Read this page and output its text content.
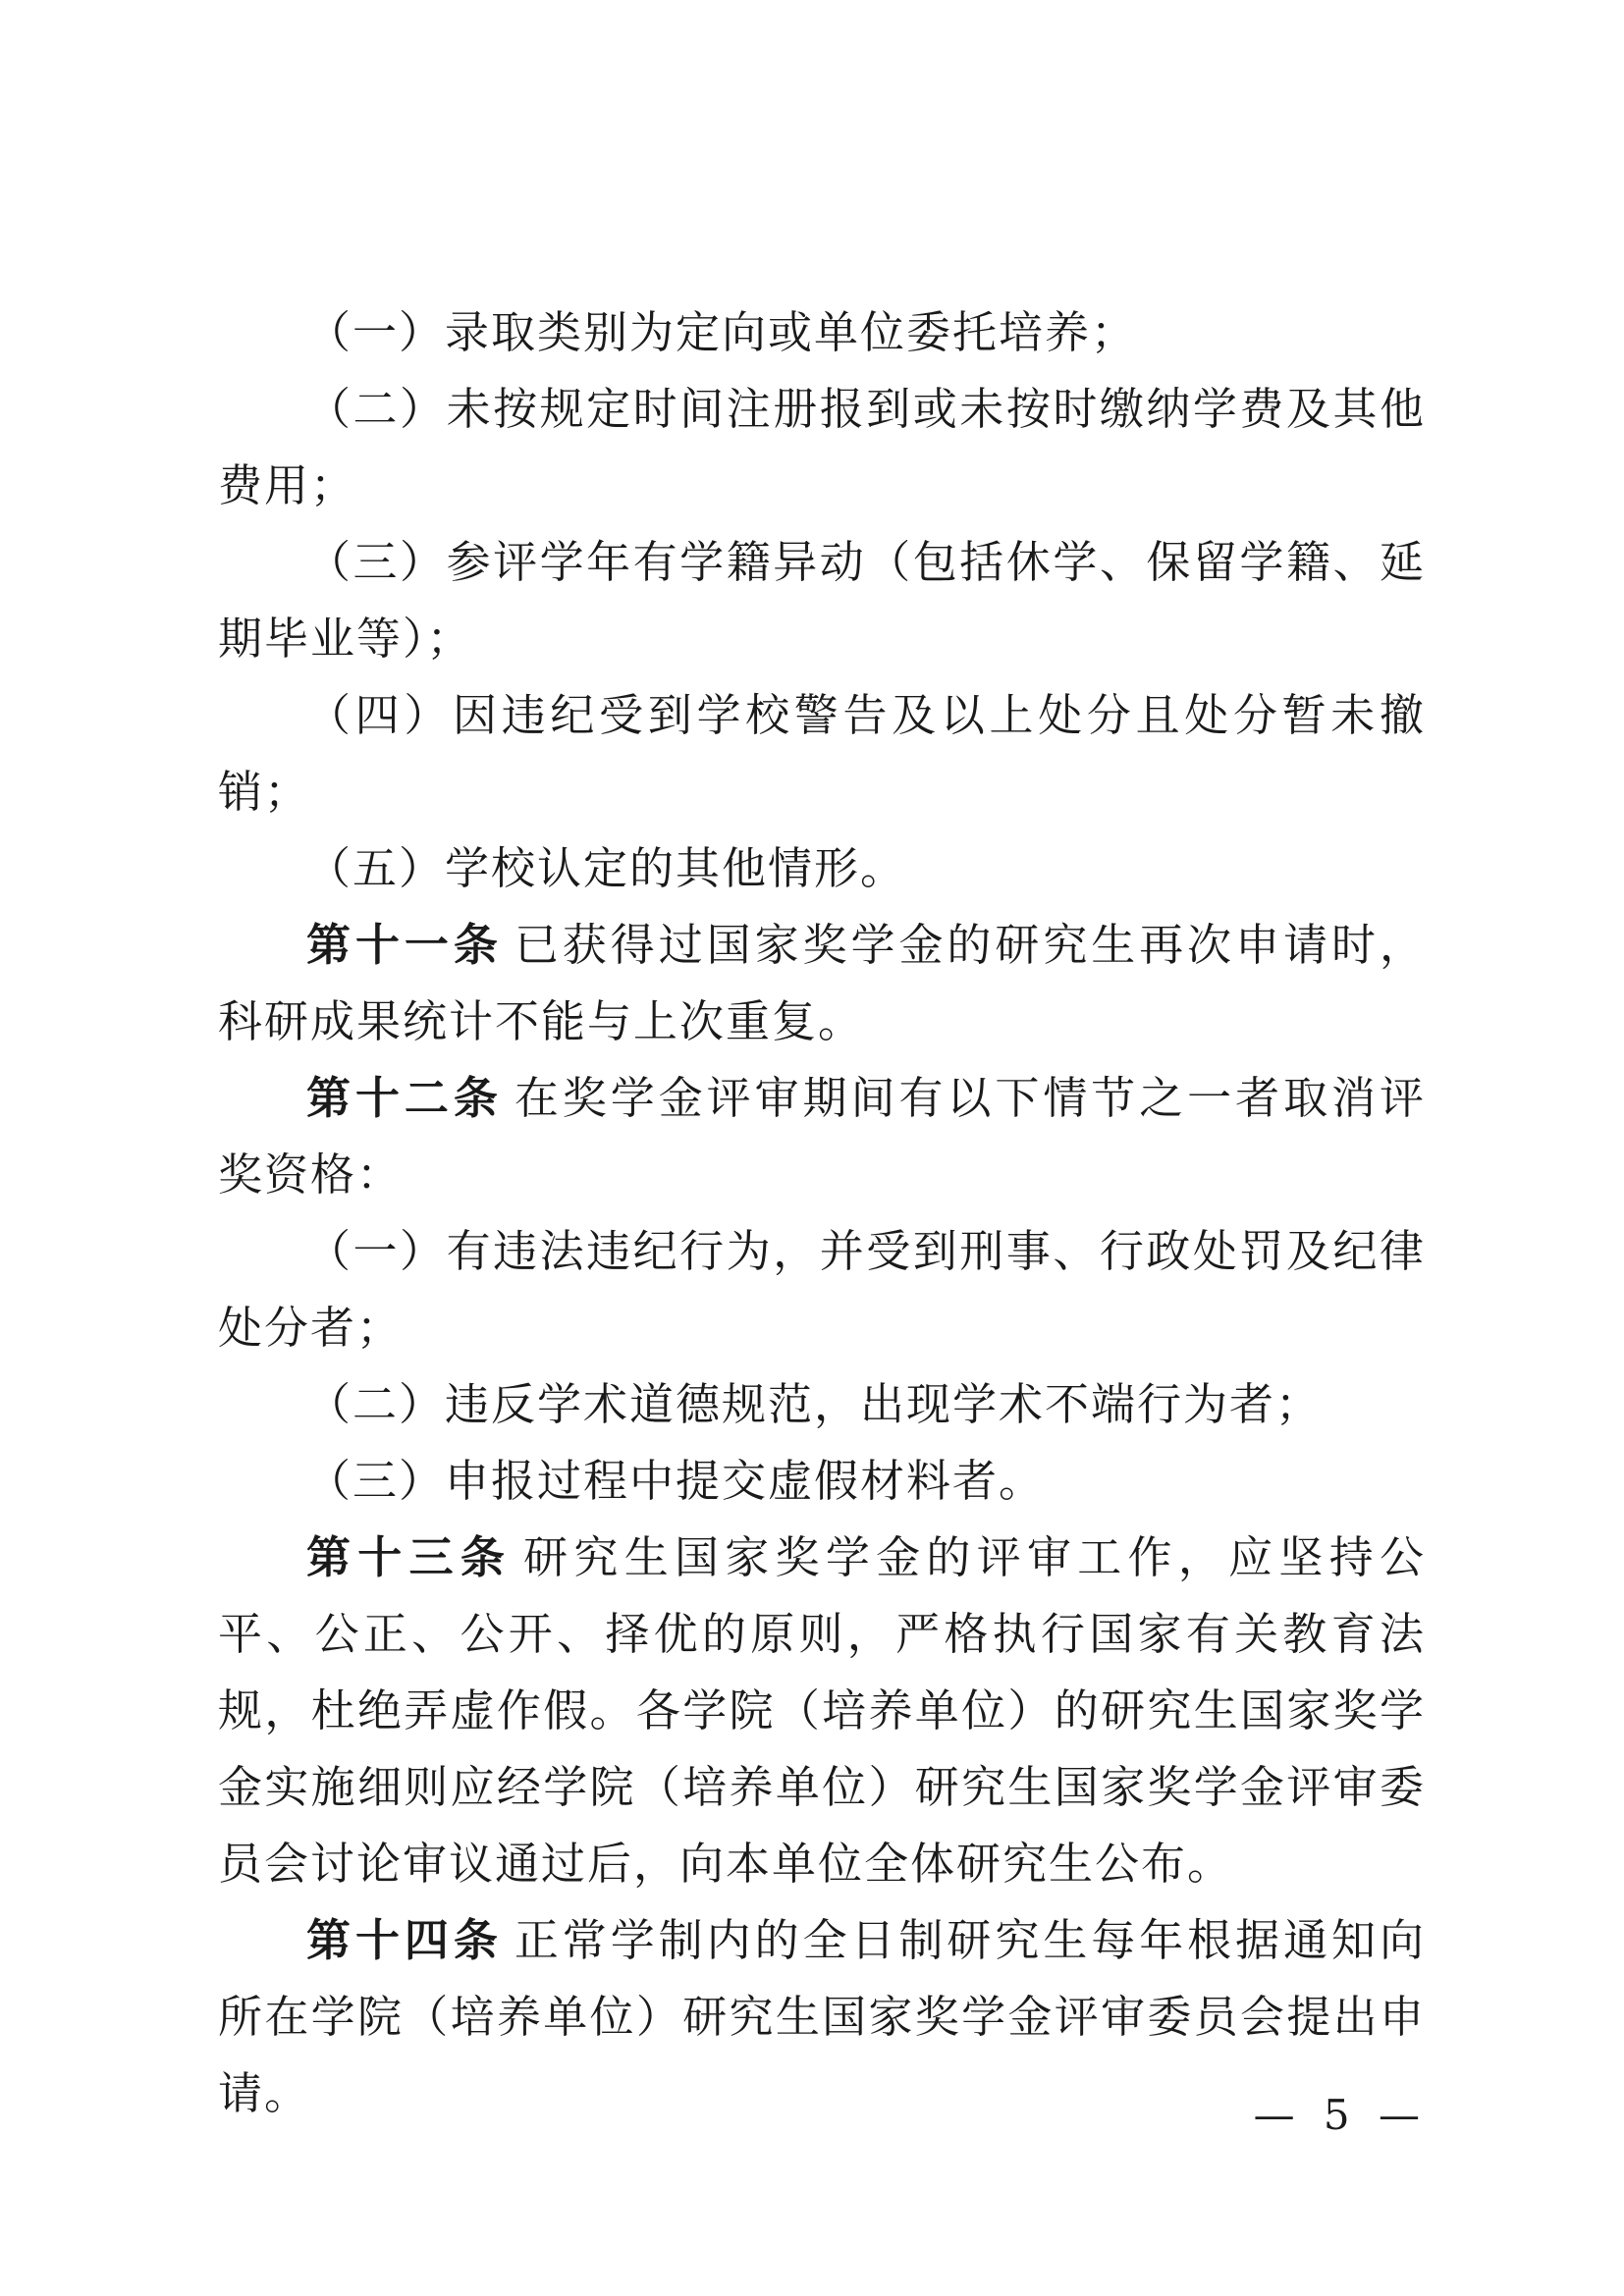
（一）录取类别为定向或单位委托培养；

（二）未按规定时间注册报到或未按时缴纳学费及其他费用；

（三）参评学年有学籍异动（包括休学、保留学籍、延期毕业等）；

（四）因违纪受到学校警告及以上处分且处分暂未撤销；

（五）学校认定的其他情形。

第十一条 已获得过国家奖学金的研究生再次申请时，科研成果统计不能与上次重复。

第十二条 在奖学金评审期间有以下情节之一者取消评奖资格：

（一）有违法违纪行为，并受到刑事、行政处罚及纪律处分者；

（二）违反学术道德规范，出现学术不端行为者；

（三）申报过程中提交虚假材料者。

第十三条 研究生国家奖学金的评审工作，应坚持公平、公正、公开、择优的原则，严格执行国家有关教育法规，杜绝弄虚作假。各学院（培养单位）的研究生国家奖学金实施细则应经学院（培养单位）研究生国家奖学金评审委员会讨论审议通过后，向本单位全体研究生公布。

第十四条 正常学制内的全日制研究生每年根据通知向所在学院（培养单位）研究生国家奖学金评审委员会提出申请。	— 5 —
